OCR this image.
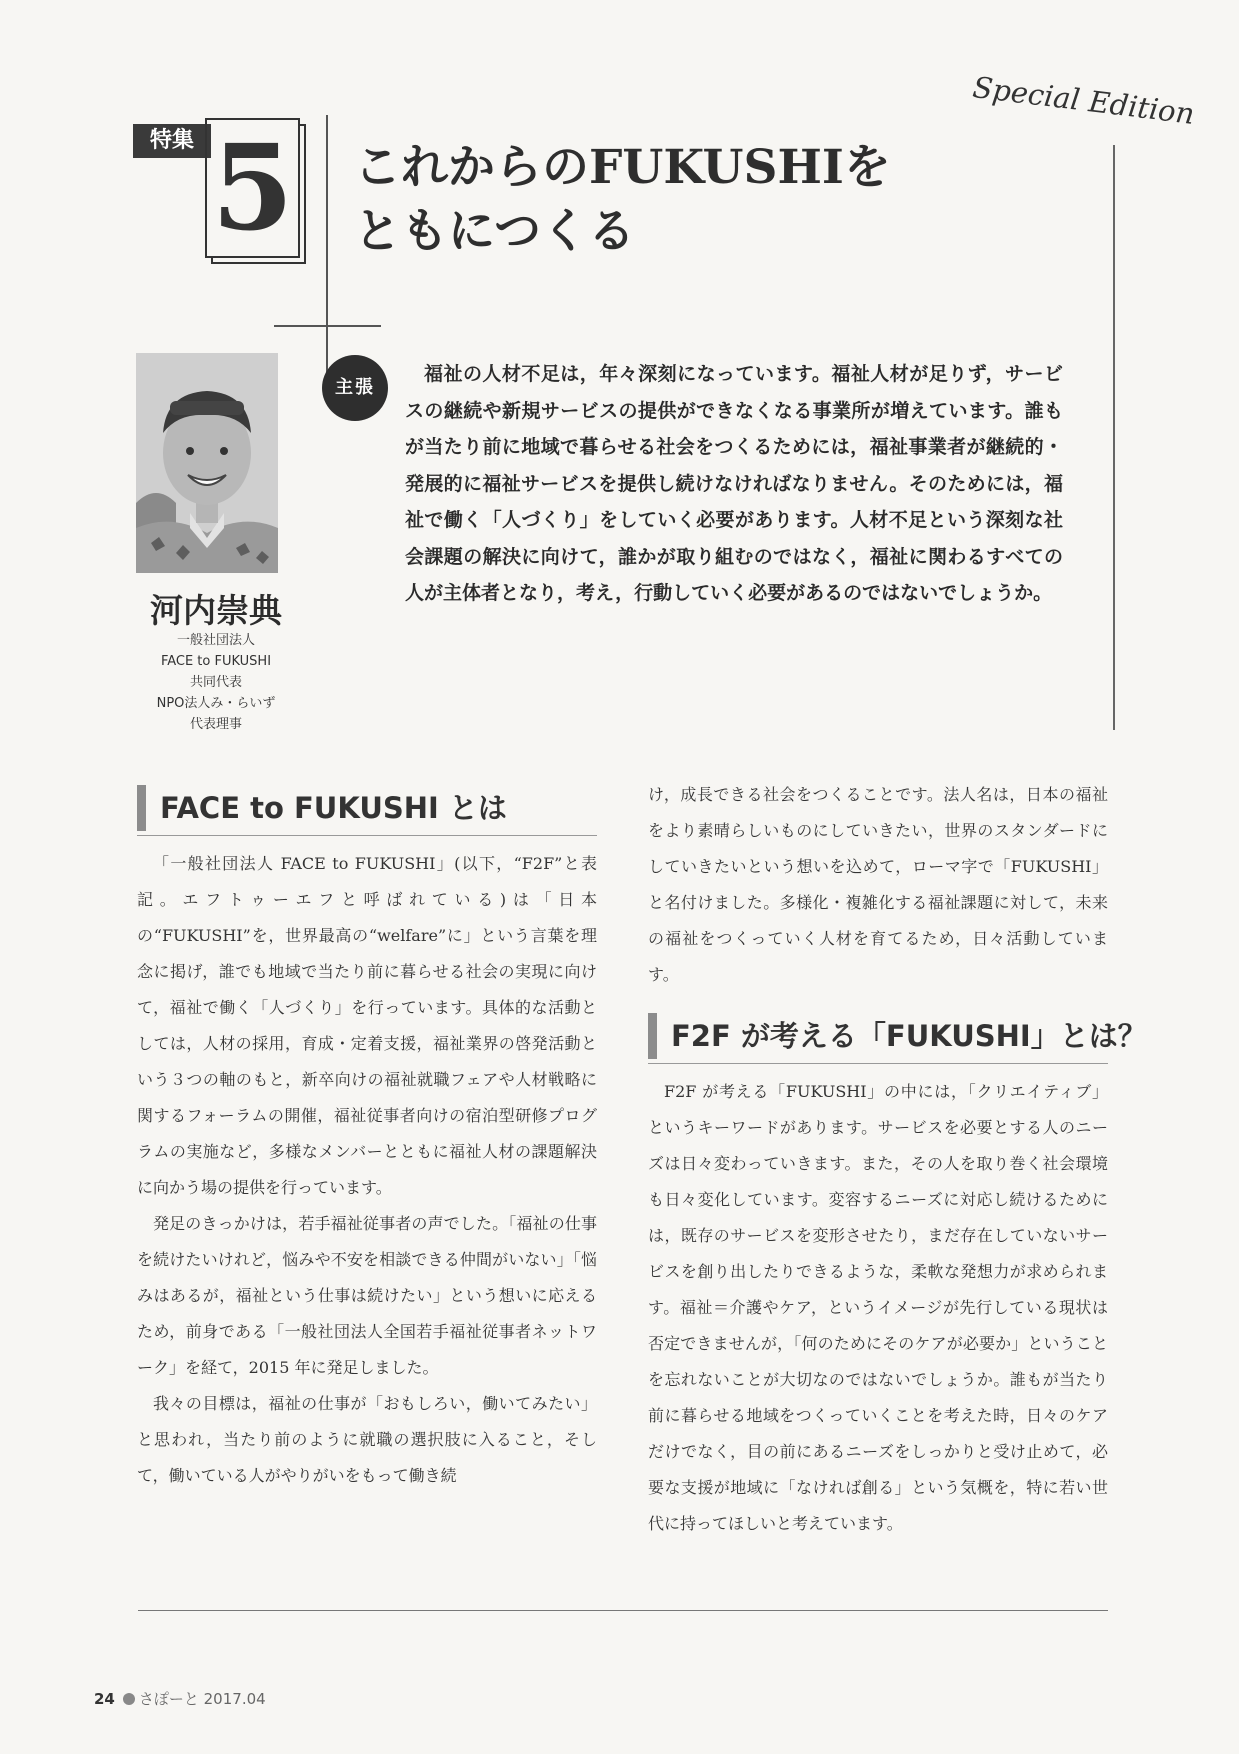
Special Edition
特集 5 これからのFUKUSHIを
ともにつくる
河内崇典
一般社団法人
FACE to FUKUSHI
共同代表
NPO法人み・らいず
代表理事
主張
福祉の人材不足は，年々深刻になっています。福祉人材が足りず，サービスの継続や新規サービスの提供ができなくなる事業所が増えています。誰もが当たり前に地域で暮らせる社会をつくるためには，福祉事業者が継続的・発展的に福祉サービスを提供し続けなければなりません。そのためには，福祉で働く「人づくり」をしていく必要があります。人材不足という深刻な社会課題の解決に向けて，誰かが取り組むのではなく，福祉に関わるすべての人が主体者となり，考え，行動していく必要があるのではないでしょうか。
FACE to FUKUSHI とは

「一般社団法人 FACE to FUKUSHI」(以下，“F2F”と表記。エフトゥーエフと呼ばれている)は「日本の“FUKUSHI”を，世界最高の“welfare”に」という言葉を理念に掲げ，誰でも地域で当たり前に暮らせる社会の実現に向けて，福祉で働く「人づくり」を行っています。具体的な活動としては，人材の採用，育成・定着支援，福祉業界の啓発活動という３つの軸のもと，新卒向けの福祉就職フェアや人材戦略に関するフォーラムの開催，福祉従事者向けの宿泊型研修プログラムの実施など，多様なメンバーとともに福祉人材の課題解決に向かう場の提供を行っています。

発足のきっかけは，若手福祉従事者の声でした。「福祉の仕事を続けたいけれど，悩みや不安を相談できる仲間がいない」「悩みはあるが，福祉という仕事は続けたい」という想いに応えるため，前身である「一般社団法人全国若手福祉従事者ネットワーク」を経て，2015 年に発足しました。

我々の目標は，福祉の仕事が「おもしろい，働いてみたい」と思われ，当たり前のように就職の選択肢に入ること，そして，働いている人がやりがいをもって働き続

け，成長できる社会をつくることです。法人名は，日本の福祉をより素晴らしいものにしていきたい，世界のスタンダードにしていきたいという想いを込めて，ローマ字で「FUKUSHI」と名付けました。多様化・複雑化する福祉課題に対して，未来の福祉をつくっていく人材を育てるため，日々活動しています。

F2F が考える「FUKUSHI」とは？

F2F が考える「FUKUSHI」の中には，「クリエイティブ」というキーワードがあります。サービスを必要とする人のニーズは日々変わっていきます。また，その人を取り巻く社会環境も日々変化しています。変容するニーズに対応し続けるためには，既存のサービスを変形させたり，まだ存在していないサービスを創り出したりできるような，柔軟な発想力が求められます。福祉＝介護やケア，というイメージが先行している現状は否定できませんが，「何のためにそのケアが必要か」ということを忘れないことが大切なのではないでしょうか。誰もが当たり前に暮らせる地域をつくっていくことを考えた時，日々のケアだけでなく，目の前にあるニーズをしっかりと受け止めて，必要な支援が地域に「なければ創る」という気概を，特に若い世代に持ってほしいと考えています。

24 さぽーと 2017.04
